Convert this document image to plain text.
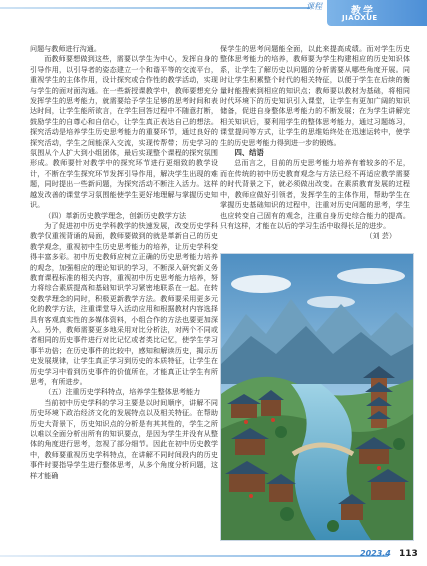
课程	教学
JIAOXUE

问题与教师进行沟通。

而教师要想做到这些，需要以学生为中心，发挥自身的引导作用，以引导者的姿态建立一个和谐平等的交流平台，重视学生的主体作用，设计探究或合作性的教学活动，实现与学生的面对面沟通。在一些新授课教学中，教师要想充分发挥学生的思考能力，就需要给予学生足够的思考时间和表达时间，让学生能所欲言，在学生回答过程中不随意打断，鼓励学生的自尊心和自信心，让学生真正表达自己的想法。探究活动是培养学生历史思考能力的重要环节，通过良好的探究活动，学生之间能深入交流，实现传帮带；历史学习的氛围从个人扩大到小组团体，最后实现整个课程的探究氛围形成。教师要针对教学中的探究环节进行更细致的教学设计，不断在学生探究环节发挥引导作用，解决学生出现的难题，同时提出一些新问题，为探究活动不断注入活力。这样越发改善的课堂学习氛围能使学生更好地理解与掌握历史知识。

（四）革新历史教学理念，创新历史教学方法

为了促进初中历史学科教学的快速发展，改变历史学科教学仅重视背诵的局面，教师要做到的就是革新自己的历史教学观念，重视初中生历史思考能力的培养，让历史学科变得丰富多彩。初中历史教师应树立正确的历史思考能力培养的观念，加强相应的理论知识的学习，不断深入研究新义务教育课程标准的相关内容，重视初中历史思考能力培养，努力将综合素质提高和基础知识学习紧密地联系在一起。在转变教学理念的同时，积极更新教学方法。教师要采用更多元化的教学方法，注重课堂导入活动应用和根据教材内容选择具有客观真实性的多媒体资料，小组合作的方法也要更加深入。另外，教师需要更多地采用对比分析法，对两个不同或者相同的历史事件进行对比记忆或者类比记忆，使学生学习事半功倍；在历史事件的比较中，感知和解读历史，揭示历史发展规律，让学生真正学习到历史的本质特征，让学生在历史学习中看到历史事件的价值所在，才能真正让学生有所思考，有所进步。

（五）注重历史学科特点，培养学生整体思考能力

当前初中历史学科的学习主要是以时间顺序，讲解不同历史环境下政治经济文化的发展特点以及相关特征。在帮助历史大背景下，历史知识点的分析是有其其性的，学生之所以难以全面分析出所有的知识要点，是因为学生并没有从整体的角度进行思考，忽视了部分细节。因此在初中历史教学中，教师要重视历史学科特点，在讲解不同时间段内的历史事件时要指导学生进行整体思考，从多个角度分析问题，这样才能确

保学生的思考问题能全面，以此来提高成绩。而对学生历史整体思考能力的培养，教师要为学生构建相应的历史知识体系，让学生了解历史以问题的分析需要从哪些角度开展。同时让学生积累整个时代的相关特征，以便于学生在后续的衡量时能搜索到相应的知识点；教师要以教材为基础，将相同时代环境下的历史知识引入课堂，让学生有更加广阔的知识储备，促进自身整体思考能力的不断发展；在为学生讲解完相关知识后，要利用学生的整体思考能力，通过习题练习，课堂提问等方式，让学生的思维始终处在迅速运转中，使学生的历史思考能力得到进一步的锻炼。

四、结语

总而言之，目前的历史思考能力培养有着较多的不足，而在传统的初中历史教育观念与方法已经不再适应教学需要的时代背景之下，就必须做出改变。在素质教育发展的过程中，教师应做好引领者，发挥学生的主体作用，帮助学生在掌握历史基础知识的过程中，注重对历史问题的思考，学生也应转变自己固有的观念，注重自身历史综合能力的提高。只有这样，才能在以后的学习生活中取得长足的进步。

（刘 芸）

2023.4 113
